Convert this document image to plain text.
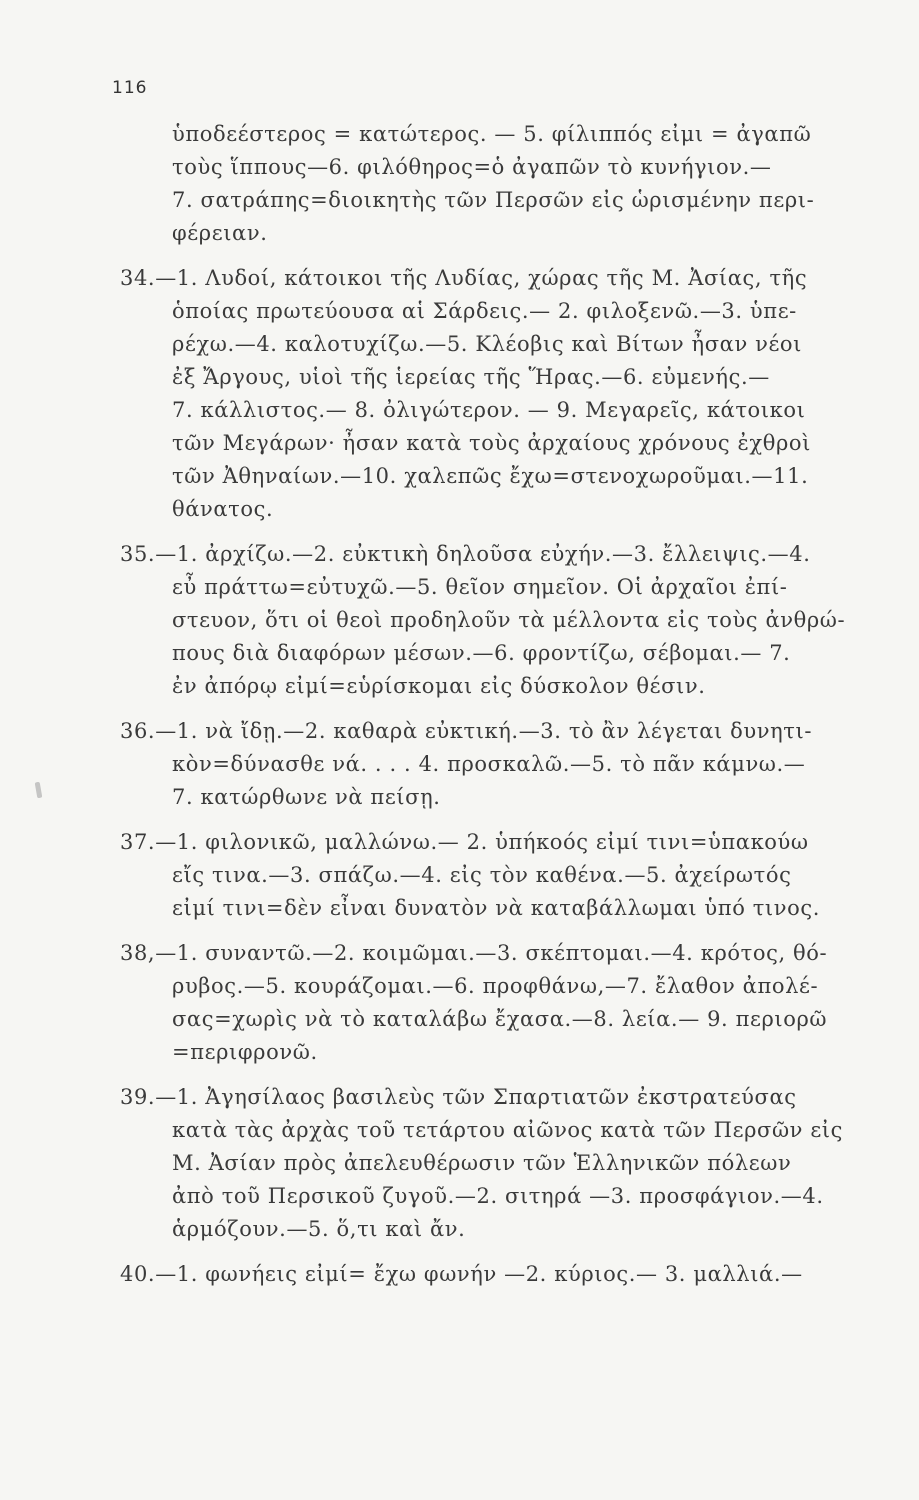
116
ὑποδεέστερος = κατώτερος. — 5. φίλιππός εἰμι = ἀγαπῶ
τοὺς ἵππους—6. φιλόθηρος=ὁ ἀγαπῶν τὸ κυνήγιον.—
7. σατράπης=διοικητὴς τῶν Περσῶν εἰς ὡρισμένην περι-
φέρειαν.
34.—1. Λυδοί, κάτοικοι τῆς Λυδίας, χώρας τῆς Μ. Ἀσίας, τῆς
ὁποίας πρωτεύουσα αἱ Σάρδεις.— 2. φιλοξενῶ.—3. ὑπε-
ρέχω.—4. καλοτυχίζω.—5. Κλέοβις καὶ Βίτων ἦσαν νέοι
ἐξ Ἄργους, υἱοὶ τῆς ἱερείας τῆς Ἥρας.—6. εὐμενής.—
7. κάλλιστος.— 8. ὀλιγώτερον. — 9. Μεγαρεῖς, κάτοικοι
τῶν Μεγάρων· ἦσαν κατὰ τοὺς ἀρχαίους χρόνους ἐχθροὶ
τῶν Ἀθηναίων.—10. χαλεπῶς ἔχω=στενοχωροῦμαι.—11.
θάνατος.
35.—1. ἀρχίζω.—2. εὐκτικὴ δηλοῦσα εὐχήν.—3. ἔλλειψις.—4.
εὖ πράττω=εὐτυχῶ.—5. θεῖον σημεῖον. Οἱ ἀρχαῖοι ἐπί-
στευον, ὅτι οἱ θεοὶ προδηλοῦν τὰ μέλλοντα εἰς τοὺς ἀνθρώ-
πους διὰ διαφόρων μέσων.—6. φροντίζω, σέβομαι.— 7.
ἐν ἀπόρῳ εἰμί=εὑρίσκομαι εἰς δύσκολον θέσιν.
36.—1. νὰ ἴδῃ.—2. καθαρὰ εὐκτική.—3. τὸ ἂν λέγεται δυνητι-
κὸν=δύνασθε νά. . . . 4. προσκαλῶ.—5. τὸ πᾶν κάμνω.—
7. κατώρθωνε νὰ πείσῃ.
37.—1. φιλονικῶ, μαλλώνω.— 2. ὑπήκοός εἰμί τινι=ὑπακούω
εἴς τινα.—3. σπάζω.—4. εἰς τὸν καθένα.—5. ἀχείρωτός
εἰμί τινι=δὲν εἶναι δυνατὸν νὰ καταβάλλωμαι ὑπό τινος.
38,—1. συναντῶ.—2. κοιμῶμαι.—3. σκέπτομαι.—4. κρότος, θό-
ρυβος.—5. κουράζομαι.—6. προφθάνω,—7. ἔλαθον ἀπολέ-
σας=χωρὶς νὰ τὸ καταλάβω ἔχασα.—8. λεία.— 9. περιορῶ
=περιφρονῶ.
39.—1. Ἀγησίλαος βασιλεὺς τῶν Σπαρτιατῶν ἐκστρατεύσας
κατὰ τὰς ἀρχὰς τοῦ τετάρτου αἰῶνος κατὰ τῶν Περσῶν εἰς
Μ. Ἀσίαν πρὸς ἀπελευθέρωσιν τῶν Ἑλληνικῶν πόλεων
ἀπὸ τοῦ Περσικοῦ ζυγοῦ.—2. σιτηρά —3. προσφάγιον.—4.
ἁρμόζουν.—5. ὅ,τι καὶ ἄν.
40.—1. φωνήεις εἰμί= ἔχω φωνήν —2. κύριος.— 3. μαλλιά.—
